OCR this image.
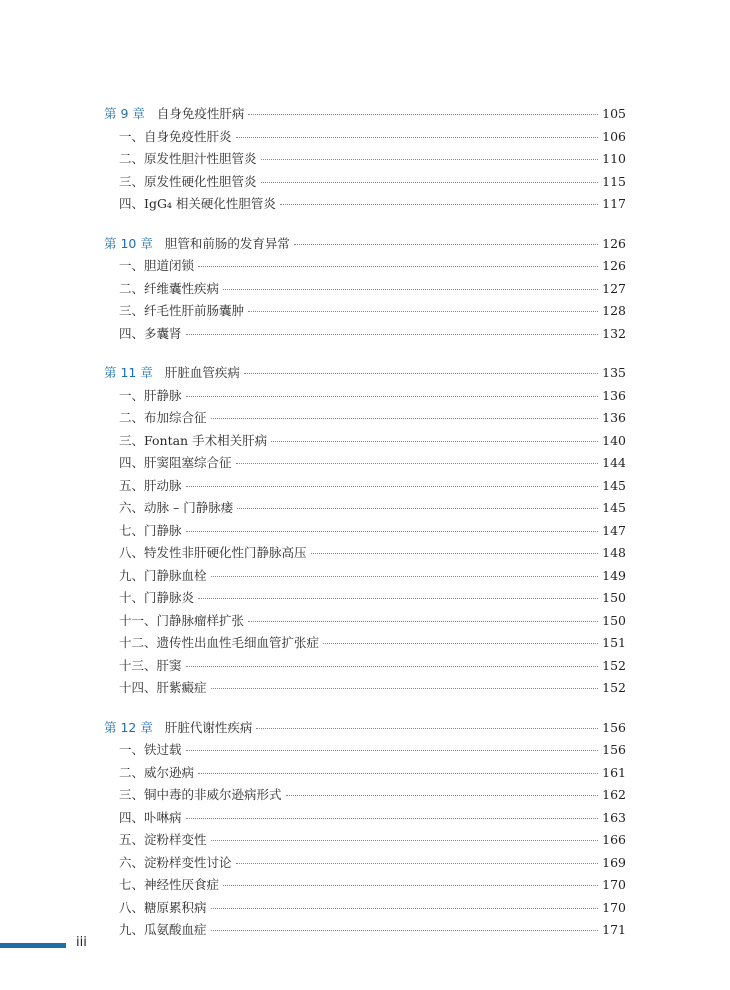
第 9 章 自身免疫性肝病	105
一、自身免疫性肝炎	106
二、原发性胆汁性胆管炎	110
三、原发性硬化性胆管炎	115
四、IgG₄ 相关硬化性胆管炎	117
第 10 章 胆管和前肠的发育异常	126
一、胆道闭锁	126
二、纤维囊性疾病	127
三、纤毛性肝前肠囊肿	128
四、多囊肾	132
第 11 章 肝脏血管疾病	135
一、肝静脉	136
二、布加综合征	136
三、Fontan 手术相关肝病	140
四、肝窦阻塞综合征	144
五、肝动脉	145
六、动脉 – 门静脉瘘	145
七、门静脉	147
八、特发性非肝硬化性门静脉高压	148
九、门静脉血栓	149
十、门静脉炎	150
十一、门静脉瘤样扩张	150
十二、遗传性出血性毛细血管扩张症	151
十三、肝窦	152
十四、肝紫癜症	152
第 12 章 肝脏代谢性疾病	156
一、铁过载	156
二、威尔逊病	161
三、铜中毒的非威尔逊病形式	162
四、卟啉病	163
五、淀粉样变性	166
六、淀粉样变性讨论	169
七、神经性厌食症	170
八、糖原累积病	170
九、瓜氨酸血症	171
iii
